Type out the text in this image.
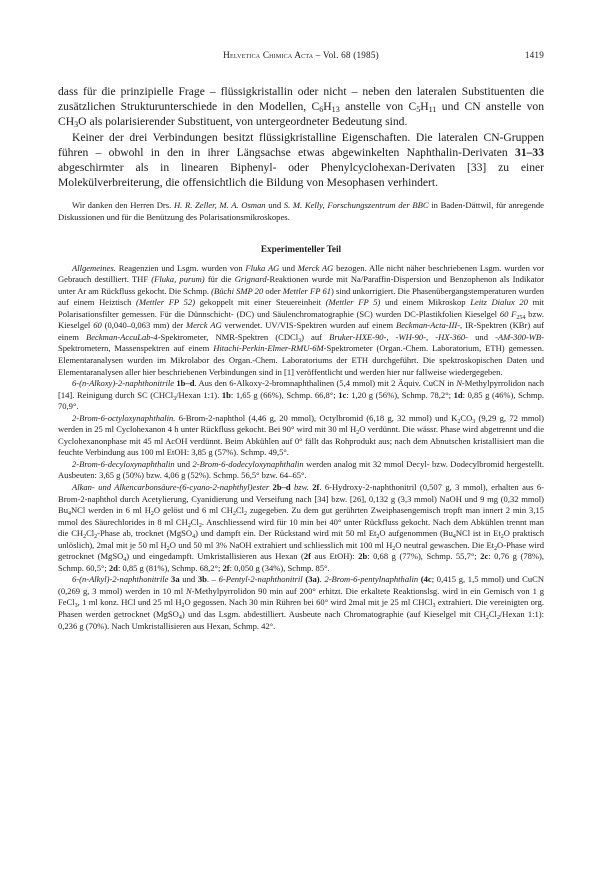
Helvetica Chimica Acta – Vol. 68 (1985)	1419

dass für die prinzipielle Frage – flüssigkristallin oder nicht – neben den lateralen Substituenten die zusätzlichen Strukturunterschiede in den Modellen, $C_6H_{13}$ anstelle von $C_5H_{11}$ und CN anstelle von $CH_3O$ als polarisierender Substituent, von untergeordneter Bedeutung sind.

Keiner der drei Verbindungen besitzt flüssigkristalline Eigenschaften. Die lateralen CN-Gruppen führen – obwohl in den in ihrer Längsachse etwas abgewinkelten Naphthalin-Derivaten 31–33 abgeschirmter als in linearen Biphenyl- oder Phenylcyclohexan-Derivaten [33] zu einer Molekülverbreiterung, die offensichtlich die Bildung von Mesophasen verhindert.

Wir danken den Herren Drs. H. R. Zeller, M. A. Osman und S. M. Kelly, Forschungszentrum der BBC in Baden-Dättwil, für anregende Diskussionen und für die Benützung des Polarisationsmikroskopes.

Experimenteller Teil

Allgemeines. Reagenzien und Lsgm. wurden von Fluka AG und Merck AG bezogen. Alle nicht näher beschriebenen Lsgm. wurden vor Gebrauch destilliert. THF (Fluka, purum) für die Grignard-Reaktionen wurde mit Na/Paraffin-Dispersion und Benzophenon als Indikator unter Ar am Rückfluss gekocht. Die Schmp. (Büchi SMP 20 oder Mettler FP 61) sind unkorrigiert. Die Phasenübergangstemperaturen wurden auf einem Heiztisch (Mettler FP 52) gekoppelt mit einer Steuereinheit (Mettler FP 5) und einem Mikroskop Leitz Dialux 20 mit Polarisationsfilter gemessen. Für die Dünnschicht- (DC) und Säulenchromatographie (SC) wurden DC-Plastikfolien Kieselgel 60 $F_{254}$ bzw. Kieselgel 60 (0,040–0,063 mm) der Merck AG verwendet. UV/VIS-Spektren wurden auf einem Beckman-Acta-III-, IR-Spektren (KBr) auf einem Beckman-AccuLab-4-Spektrometer, NMR-Spektren (CDCl$_3$) auf Bruker-HXE-90-, -WH-90-, -HX-360- und -AM-300-WB-Spektrometern, Massenspektren auf einem Hitachi-Perkin-Elmer-RMU-6M-Spektrometer (Organ.-Chem. Laboratorium, ETH) gemessen. Elementaranalysen wurden im Mikrolabor des Organ.-Chem. Laboratoriums der ETH durchgeführt. Die spektroskopischen Daten und Elementaranalysen aller hier beschriebenen Verbindungen sind in [1] veröffentlicht und werden hier nur fallweise wiedergegeben.

6-(n-Alkoxy)-2-naphthonitrile 1b–d. Aus den 6-Alkoxy-2-bromnaphthalinen (5,4 mmol) mit 2 Äquiv. CuCN in N-Methylpyrrolidon nach [14]. Reinigung durch SC (CHCl$_3$/Hexan 1:1). 1b: 1,65 g (66%), Schmp. 66,8°; 1c: 1,20 g (56%), Schmp. 78,2°; 1d: 0,85 g (46%), Schmp. 70,9°.

2-Brom-6-octyloxynaphthalin. 6-Brom-2-naphthol (4,46 g, 20 mmol), Octylbromid (6,18 g, 32 mmol) und $K_2CO_3$ (9,29 g, 72 mmol) werden in 25 ml Cyclohexanon 4 h unter Rückfluss gekocht. Bei 90° wird mit 30 ml $H_2O$ verdünnt. Die wässr. Phase wird abgetrennt und die Cyclohexanonphase mit 45 ml AcOH verdünnt. Beim Abkühlen auf 0° fällt das Rohprodukt aus; nach dem Abnutschen kristallisiert man die feuchte Verbindung aus 100 ml EtOH: 3,85 g (57%). Schmp. 49,5°.

2-Brom-6-decyloxynaphthalin und 2-Brom-6-dodecyloxynaphthalin werden analog mit 32 mmol Decyl- bzw. Dodecylbromid hergestellt. Ausbeuten: 3,65 g (50%) bzw. 4,06 g (52%). Schmp. 56,5° bzw. 64–65°.

Alkan- und Alkencarbonsäure-(6-cyano-2-naphthyl)ester 2b–d bzw. 2f. 6-Hydroxy-2-naphthonitril (0,507 g, 3 mmol), erhalten aus 6-Brom-2-naphthol durch Acetylierung, Cyanidierung und Verseifung nach [34] bzw. [26], 0,132 g (3,3 mmol) NaOH und 9 mg (0,32 mmol) $Bu_4NCl$ werden in 6 ml $H_2O$ gelöst und 6 ml $CH_2Cl_2$ zugegeben. Zu dem gut gerührten Zweiphasengemisch tropft man innert 2 min 3,15 mmol des Säurechlorides in 8 ml $CH_2Cl_2$. Anschliessend wird für 10 min bei 40° unter Rückfluss gekocht. Nach dem Abkühlen trennt man die $CH_2Cl_2$-Phase ab, trocknet (MgSO$_4$) und dampft ein. Der Rückstand wird mit 50 ml $Et_2O$ aufgenommen ($Bu_4NCl$ ist in $Et_2O$ praktisch unlöslich), 2mal mit je 50 ml $H_2O$ und 50 ml 3% NaOH extrahiert und schliesslich mit 100 ml $H_2O$ neutral gewaschen. Die $Et_2O$-Phase wird getrocknet (MgSO$_4$) und eingedampft. Umkristallisieren aus Hexan (2f aus EtOH): 2b: 0,68 g (77%), Schmp. 55,7°; 2c: 0,76 g (78%), Schmp. 60,5°; 2d: 0,85 g (81%), Schmp. 68,2°; 2f: 0,050 g (34%), Schmp. 85°.

6-(n-Alkyl)-2-naphthonitrile 3a und 3b. – 6-Pentyl-2-naphthonitril (3a). 2-Brom-6-pentylnaphthalin (4c; 0,415 g, 1,5 mmol) und CuCN (0,269 g, 3 mmol) werden in 10 ml N-Methylpyrrolidon 90 min auf 200° erhitzt. Die erkaltete Reaktionslsg. wird in ein Gemisch von 1 g FeCl$_3$, 1 ml konz. HCl und 25 ml $H_2O$ gegossen. Nach 30 min Rühren bei 60° wird 2mal mit je 25 ml CHCl$_3$ extrahiert. Die vereinigten org. Phasen werden getrocknet (MgSO$_4$) und das Lsgm. abdestilliert. Ausbeute nach Chromatographie (auf Kieselgel mit $CH_2Cl_2$/Hexan 1:1): 0,236 g (70%). Nach Umkristallisieren aus Hexan, Schmp. 42°.
